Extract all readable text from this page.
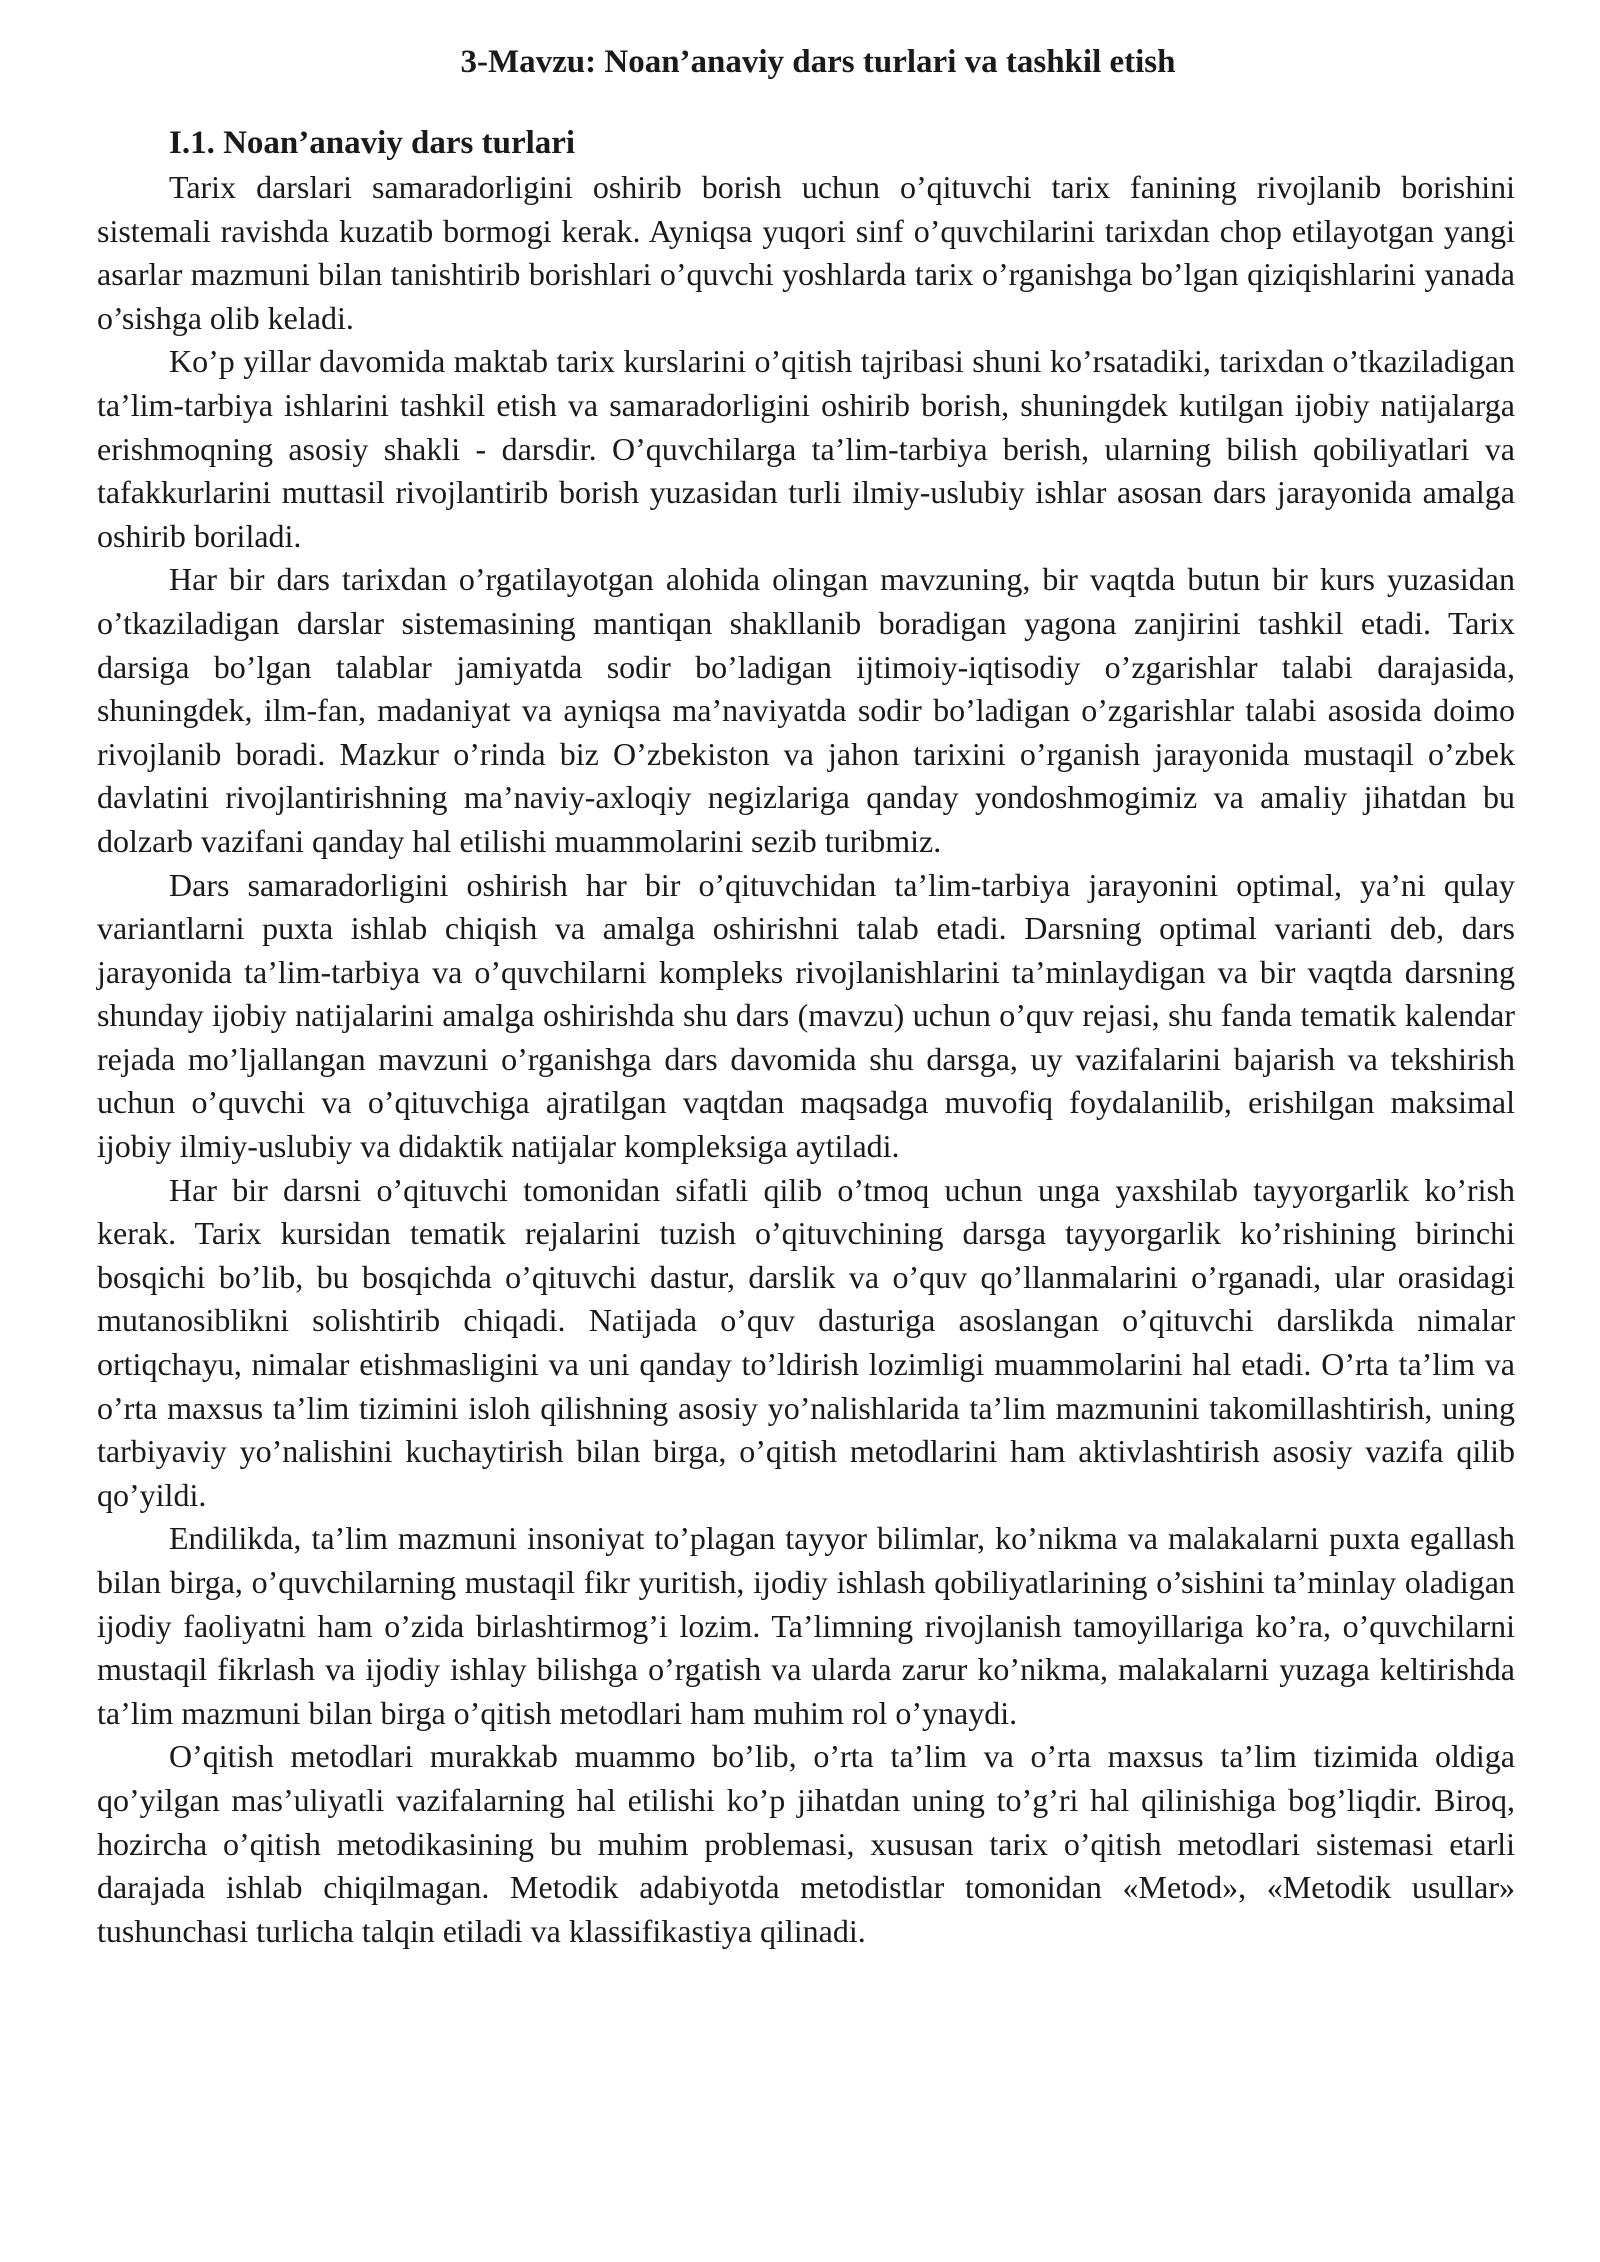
3-Mavzu: Noan’anaviy dars turlari va tashkil etish
I.1. Noan’anaviy dars turlari

Tarix darslari samaradorligini oshirib borish uchun o’qituvchi tarix fanining rivojlanib borishini sistemali ravishda kuzatib bormogi kerak. Ayniqsa yuqori sinf o’quvchilarini tarixdan chop etilayotgan yangi asarlar mazmuni bilan tanishtirib borishlari o’quvchi yoshlarda tarix o’rganishga bo’lgan qiziqishlarini yanada o’sishga olib keladi.

Ko’p yillar davomida maktab tarix kurslarini o’qitish tajribasi shuni ko’rsatadiki, tarixdan o’tkaziladigan ta’lim-tarbiya ishlarini tashkil etish va samaradorligini oshirib borish, shuningdek kutilgan ijobiy natijalarga erishmoqning asosiy shakli - darsdir. O’quvchilarga ta’lim-tarbiya berish, ularning bilish qobiliyatlari va tafakkurlarini muttasil rivojlantirib borish yuzasidan turli ilmiy-uslubiy ishlar asosan dars jarayonida amalga oshirib boriladi.

Har bir dars tarixdan o’rgatilayotgan alohida olingan mavzuning, bir vaqtda butun bir kurs yuzasidan o’tkaziladigan darslar sistemasining mantiqan shakllanib boradigan yagona zanjirini tashkil etadi. Tarix darsiga bo’lgan talablar jamiyatda sodir bo’ladigan ijtimoiy-iqtisodiy o’zgarishlar talabi darajasida, shuningdek, ilm-fan, madaniyat va ayniqsa ma’naviyatda sodir bo’ladigan o’zgarishlar talabi asosida doimo rivojlanib boradi. Mazkur o’rinda biz O’zbekiston va jahon tarixini o’rganish jarayonida mustaqil o’zbek davlatini rivojlantirishning ma’naviy-axloqiy negizlariga qanday yondoshmogimiz va amaliy jihatdan bu dolzarb vazifani qanday hal etilishi muammolarini sezib turibmiz.

Dars samaradorligini oshirish har bir o’qituvchidan ta’lim-tarbiya jarayonini optimal, ya’ni qulay variantlarni puxta ishlab chiqish va amalga oshirishni talab etadi. Darsning optimal varianti deb, dars jarayonida ta’lim-tarbiya va o’quvchilarni kompleks rivojlanishlarini ta’minlaydigan va bir vaqtda darsning shunday ijobiy natijalarini amalga oshirishda shu dars (mavzu) uchun o’quv rejasi, shu fanda tematik kalendar rejada mo’ljallangan mavzuni o’rganishga dars davomida shu darsga, uy vazifalarini bajarish va tekshirish uchun o’quvchi va o’qituvchiga ajratilgan vaqtdan maqsadga muvofiq foydalanilib, erishilgan maksimal ijobiy ilmiy-uslubiy va didaktik natijalar kompleksiga aytiladi.

Har bir darsni o’qituvchi tomonidan sifatli qilib o’tmoq uchun unga yaxshilab tayyorgarlik ko’rish kerak. Tarix kursidan tematik rejalarini tuzish o’qituvchining darsga tayyorgarlik ko’rishining birinchi bosqichi bo’lib, bu bosqichda o’qituvchi dastur, darslik va o’quv qo’llanmalarini o’rganadi, ular orasidagi mutanosiblikni solishtirib chiqadi. Natijada o’quv dasturiga asoslangan o’qituvchi darslikda nimalar ortiqchayu, nimalar etishmasligini va uni qanday to’ldirish lozimligi muammolarini hal etadi. O’rta ta’lim va o’rta maxsus ta’lim tizimini isloh qilishning asosiy yo’nalishlarida ta’lim mazmunini takomillashtirish, uning tarbiyaviy yo’nalishini kuchaytirish bilan birga, o’qitish metodlarini ham aktivlashtirish asosiy vazifa qilib qo’yildi.

Endilikda, ta’lim mazmuni insoniyat to’plagan tayyor bilimlar, ko’nikma va malakalarni puxta egallash bilan birga, o’quvchilarning mustaqil fikr yuritish, ijodiy ishlash qobiliyatlarining o’sishini ta’minlay oladigan ijodiy faoliyatni ham o’zida birlashtirmog’i lozim. Ta’limning rivojlanish tamoyillariga ko’ra, o’quvchilarni mustaqil fikrlash va ijodiy ishlay bilishga o’rgatish va ularda zarur ko’nikma, malakalarni yuzaga keltirishda ta’lim mazmuni bilan birga o’qitish metodlari ham muhim rol o’ynaydi.

O’qitish metodlari murakkab muammo bo’lib, o’rta ta’lim va o’rta maxsus ta’lim tizimida oldiga qo’yilgan mas’uliyatli vazifalarning hal etilishi ko’p jihatdan uning to’g’ri hal qilinishiga bog’liqdir. Biroq, hozircha o’qitish metodikasining bu muhim problemasi, xususan tarix o’qitish metodlari sistemasi etarli darajada ishlab chiqilmagan. Metodik adabiyotda metodistlar tomonidan «Metod», «Metodik usullar» tushunchasi turlicha talqin etiladi va klassifikastiya qilinadi.
